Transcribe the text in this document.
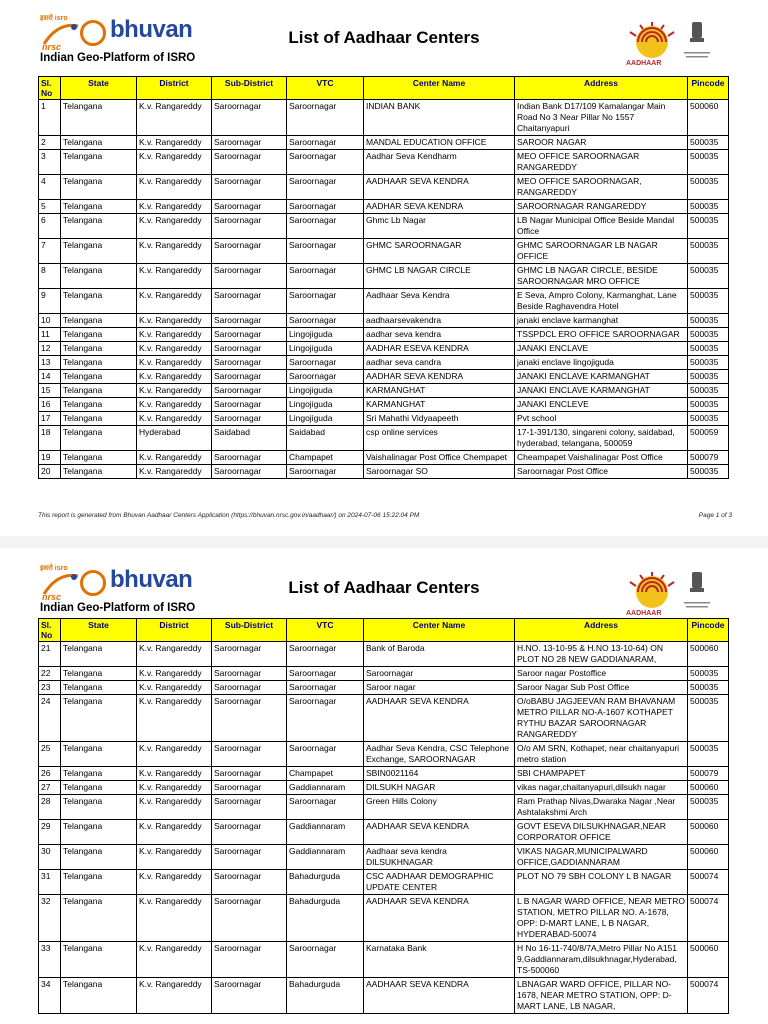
इसरो isro
nrsc
bhuvan
Indian Geo-Platform of ISRO
List of Aadhaar Centers
AADHAAR
Sl. No	State	District	Sub-District	VTC	Center Name	Address	Pincode
1	Telangana	K.v. Rangareddy	Saroornagar	Saroornagar	INDIAN BANK	Indian Bank D17/109 Kamalangar Main Road No 3 Near Pillar No 1557 Chaitanyapuri	500060
2	Telangana	K.v. Rangareddy	Saroornagar	Saroornagar	MANDAL EDUCATION OFFICE	SAROOR NAGAR	500035
3	Telangana	K.v. Rangareddy	Saroornagar	Saroornagar	Aadhar Seva Kendharm	MEO OFFICE SAROORNAGAR RANGAREDDY	500035
4	Telangana	K.v. Rangareddy	Saroornagar	Saroornagar	AADHAAR SEVA KENDRA	MEO OFFICE SAROORNAGAR, RANGAREDDY	500035
5	Telangana	K.v. Rangareddy	Saroornagar	Saroornagar	AADHAR SEVA KENDRA	SAROORNAGAR RANGAREDDY	500035
6	Telangana	K.v. Rangareddy	Saroornagar	Saroornagar	Ghmc Lb Nagar	LB Nagar Municipal Office Beside Mandal Office	500035
7	Telangana	K.v. Rangareddy	Saroornagar	Saroornagar	GHMC SAROORNAGAR	GHMC SAROORNAGAR LB NAGAR OFFICE	500035
8	Telangana	K.v. Rangareddy	Saroornagar	Saroornagar	GHMC LB NAGAR CIRCLE	GHMC LB NAGAR CIRCLE, BESIDE SAROORNAGAR MRO OFFICE	500035
9	Telangana	K.v. Rangareddy	Saroornagar	Saroornagar	Aadhaar Seva Kendra	E Seva, Ampro Colony, Karmanghat, Lane Beside Raghavendra Hotel	500035
10	Telangana	K.v. Rangareddy	Saroornagar	Saroornagar	aadhaarsevakendra	janaki enclave karmanghat	500035
11	Telangana	K.v. Rangareddy	Saroornagar	Lingojiguda	aadhar seva kendra	TSSPDCL ERO OFFICE SAROORNAGAR	500035
12	Telangana	K.v. Rangareddy	Saroornagar	Lingojiguda	AADHAR ESEVA KENDRA	JANAKI ENCLAVE	500035
13	Telangana	K.v. Rangareddy	Saroornagar	Saroornagar	aadhar seva candra	janaki enclave lingojiguda	500035
14	Telangana	K.v. Rangareddy	Saroornagar	Saroornagar	AADHAR SEVA KENDRA	JANAKI ENCLAVE KARMANGHAT	500035
15	Telangana	K.v. Rangareddy	Saroornagar	Lingojiguda	KARMANGHAT	JANAKI ENCLAVE KARMANGHAT	500035
16	Telangana	K.v. Rangareddy	Saroornagar	Lingojiguda	KARMANGHAT	JANAKI ENCLEVE	500035
17	Telangana	K.v. Rangareddy	Saroornagar	Lingojiguda	Sri Mahathi Vidyaapeeth	Pvt school	500035
18	Telangana	Hyderabad	Saidabad	Saidabad	csp online services	17-1-391/130, singareni colony, saidabad, hyderabad, telangana, 500059	500059
19	Telangana	K.v. Rangareddy	Saroornagar	Champapet	Vaishalinagar Post Office Chempapet	Cheampapet Vaishalinagar Post Office	500079
20	Telangana	K.v. Rangareddy	Saroornagar	Saroornagar	Saroornagar SO	Saroornagar Post Office	500035
This report is generated from Bhuvan Aadhaar Centers Application (https://bhuvan.nrsc.gov.in/aadhaar/) on 2024-07-06 15:22:04 PM	Page 1 of 3
इसरो isro
nrsc
bhuvan
Indian Geo-Platform of ISRO
List of Aadhaar Centers
AADHAAR
Sl. No	State	District	Sub-District	VTC	Center Name	Address	Pincode
21	Telangana	K.v. Rangareddy	Saroornagar	Saroornagar	Bank of Baroda	H.NO. 13-10-95 & H.NO 13-10-64) ON PLOT NO 28 NEW GADDIANARAM,	500060
22	Telangana	K.v. Rangareddy	Saroornagar	Saroornagar	Saroornagar	Saroor nagar Postoffice	500035
23	Telangana	K.v. Rangareddy	Saroornagar	Saroornagar	Saroor nagar	Saroor Nagar Sub Post Office	500035
24	Telangana	K.v. Rangareddy	Saroornagar	Saroornagar	AADHAAR SEVA KENDRA	O/oBABU JAGJEEVAN RAM BHAVANAM METRO PILLAR NO-A-1607 KOTHAPET RYTHU BAZAR SAROORNAGAR RANGAREDDY	500035
25	Telangana	K.v. Rangareddy	Saroornagar	Saroornagar	Aadhar Seva Kendra, CSC Telephone Exchange, SAROORNAGAR	O/o AM SRN, Kothapet, near chaitanyapuri metro station	500035
26	Telangana	K.v. Rangareddy	Saroornagar	Champapet	SBIN0021164	SBI CHAMPAPET	500079
27	Telangana	K.v. Rangareddy	Saroornagar	Gaddiannaram	DILSUKH NAGAR	vikas nagar,chaitanyapuri,dilsukh nagar	500060
28	Telangana	K.v. Rangareddy	Saroornagar	Saroornagar	Green Hills Colony	Ram Prathap Nivas,Dwaraka Nagar ,Near Ashtalakshmi Arch	500035
29	Telangana	K.v. Rangareddy	Saroornagar	Gaddiannaram	AADHAAR SEVA KENDRA	GOVT ESEVA DILSUKHNAGAR,NEAR CORPORATOR OFFICE	500060
30	Telangana	K.v. Rangareddy	Saroornagar	Gaddiannaram	Aadhaar seva kendra DILSUKHNAGAR	VIKAS NAGAR,MUNICIPALWARD OFFICE,GADDIANNARAM	500060
31	Telangana	K.v. Rangareddy	Saroornagar	Bahadurguda	CSC AADHAAR DEMOGRAPHIC UPDATE CENTER	PLOT NO 79 SBH COLONY L B NAGAR	500074
32	Telangana	K.v. Rangareddy	Saroornagar	Bahadurguda	AADHAAR SEVA KENDRA	L B NAGAR WARD OFFICE, NEAR METRO STATION, METRO PILLAR NO. A-1678, OPP: D-MART LANE, L B NAGAR, HYDERABAD-50074	500074
33	Telangana	K.v. Rangareddy	Saroornagar	Saroornagar	Karnataka Bank	H No 16-11-740/8/7A,Metro Pillar No A151 9,Gaddiannaram,dilsukhnagar,Hyderabad, TS-500060	500060
34	Telangana	K.v. Rangareddy	Saroornagar	Bahadurguda	AADHAAR SEVA KENDRA	LBNAGAR WARD OFFICE, PILLAR NO-1678, NEAR METRO STATION, OPP: D-MART LANE, LB NAGAR,	500074
